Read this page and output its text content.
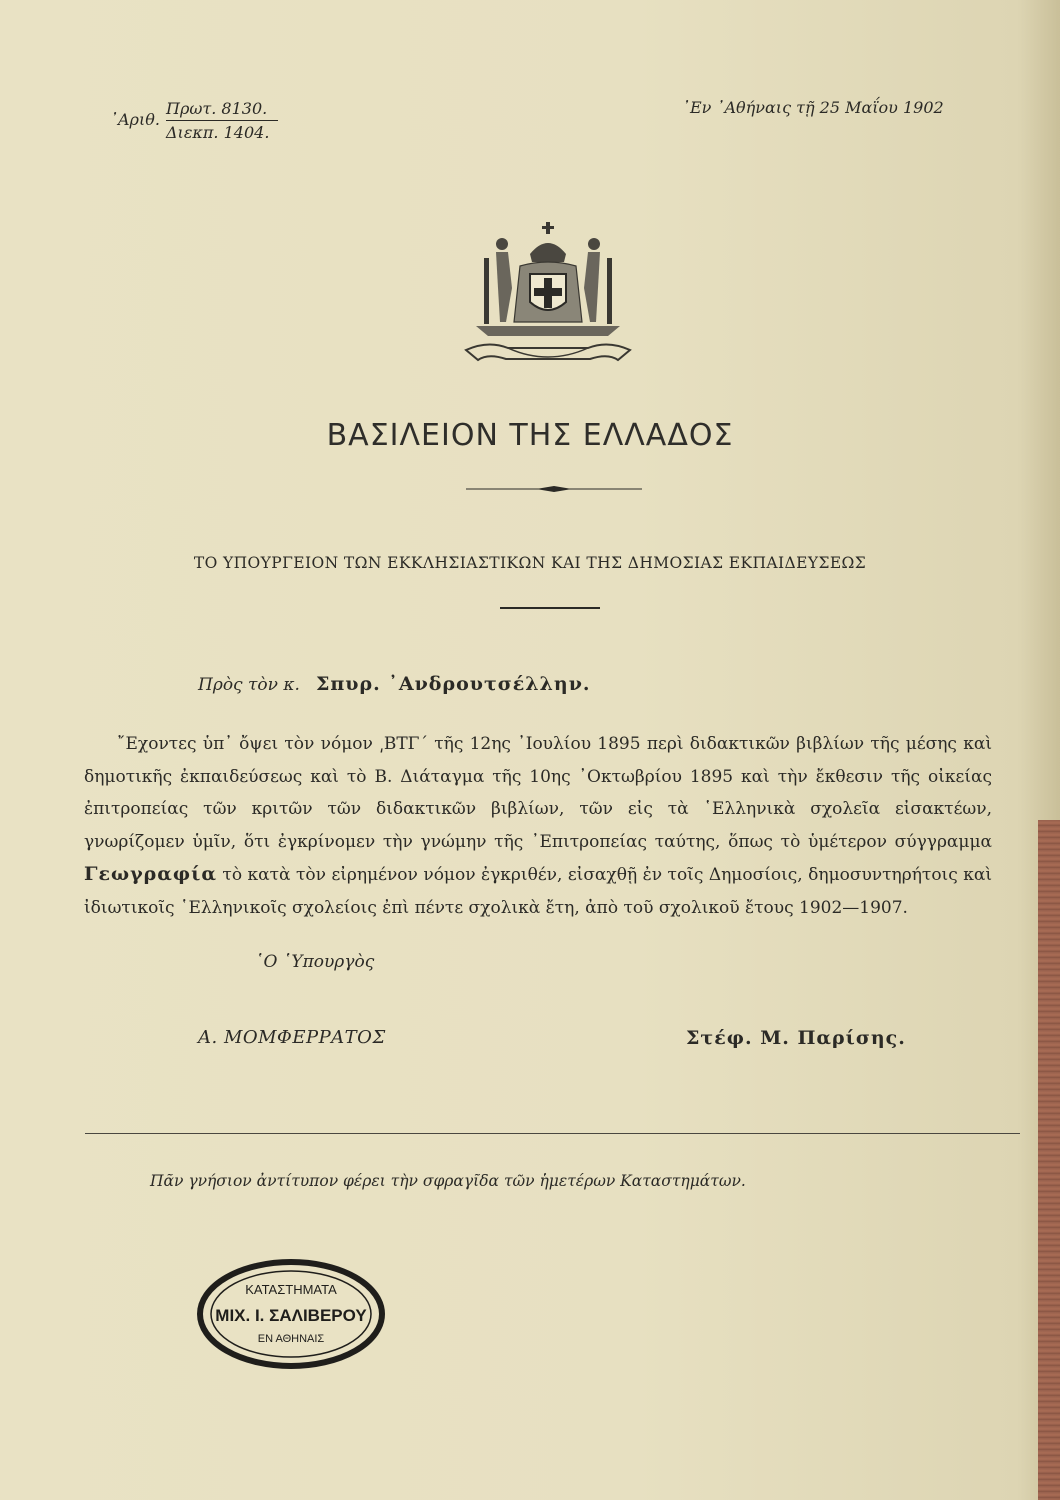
᾿Αριθ.
Πρωτ. 8130.
Διεκπ. 1404.
᾿Εν ᾿Αθήναις τῇ 25 Μαΐου 1902
ΒΑΣΙΛΕΙΟΝ ΤΗΣ ΕΛΛΑΔΟΣ
ΤΟ ΥΠΟΥΡΓΕΙΟΝ ΤΩΝ ΕΚΚΛΗΣΙΑΣΤΙΚΩΝ ΚΑΙ ΤΗΣ ΔΗΜΟΣΙΑΣ ΕΚΠΑΙΔΕΥΣΕΩΣ
Πρὸς τὸν κ. Σπυρ. ᾿Ανδρουτσέλλην.
῎Εχοντες ὑπ᾿ ὄψει τὸν νόμον ͵ΒΤΓ´ τῆς 12ης ᾿Ιουλίου 1895 περὶ διδακτικῶν βιβλίων τῆς μέσης καὶ δημοτικῆς ἐκπαιδεύσεως καὶ τὸ Β. Διάταγμα τῆς 10ης ᾿Οκτωβρίου 1895 καὶ τὴν ἔκθεσιν τῆς οἰκείας ἐπιτροπείας τῶν κριτῶν τῶν διδακτικῶν βιβλίων, τῶν εἰς τὰ ῾Ελληνικὰ σχολεῖα εἰσακτέων, γνωρίζομεν ὑμῖν, ὅτι ἐγκρίνομεν τὴν γνώμην τῆς ᾿Επιτροπείας ταύτης, ὅπως τὸ ὑμέτερον σύγγραμμα Γεωγραφία τὸ κατὰ τὸν εἰρημένον νόμον ἐγκριθέν, εἰσαχθῇ ἐν τοῖς Δημοσίοις, δημοσυντηρήτοις καὶ ἰδιωτικοῖς ῾Ελληνικοῖς σχολείοις ἐπὶ πέντε σχολικὰ ἔτη, ἀπὸ τοῦ σχολικοῦ ἔτους 1902—1907.
῾Ο ῾Υπουργὸς
Α. ΜΟΜΦΕΡΡΑΤΟΣ	Στέφ. Μ. Παρίσης.
Πᾶν γνήσιον ἀντίτυπον φέρει τὴν σφραγῖδα τῶν ἡμετέρων Καταστημάτων.
ΚΑΤΑΣΤΗΜΑΤΑ
ΜΙΧ. Ι. ΣΑΛΙΒΕΡΟΥ
ΕΝ ΑΘΗΝΑΙΣ
